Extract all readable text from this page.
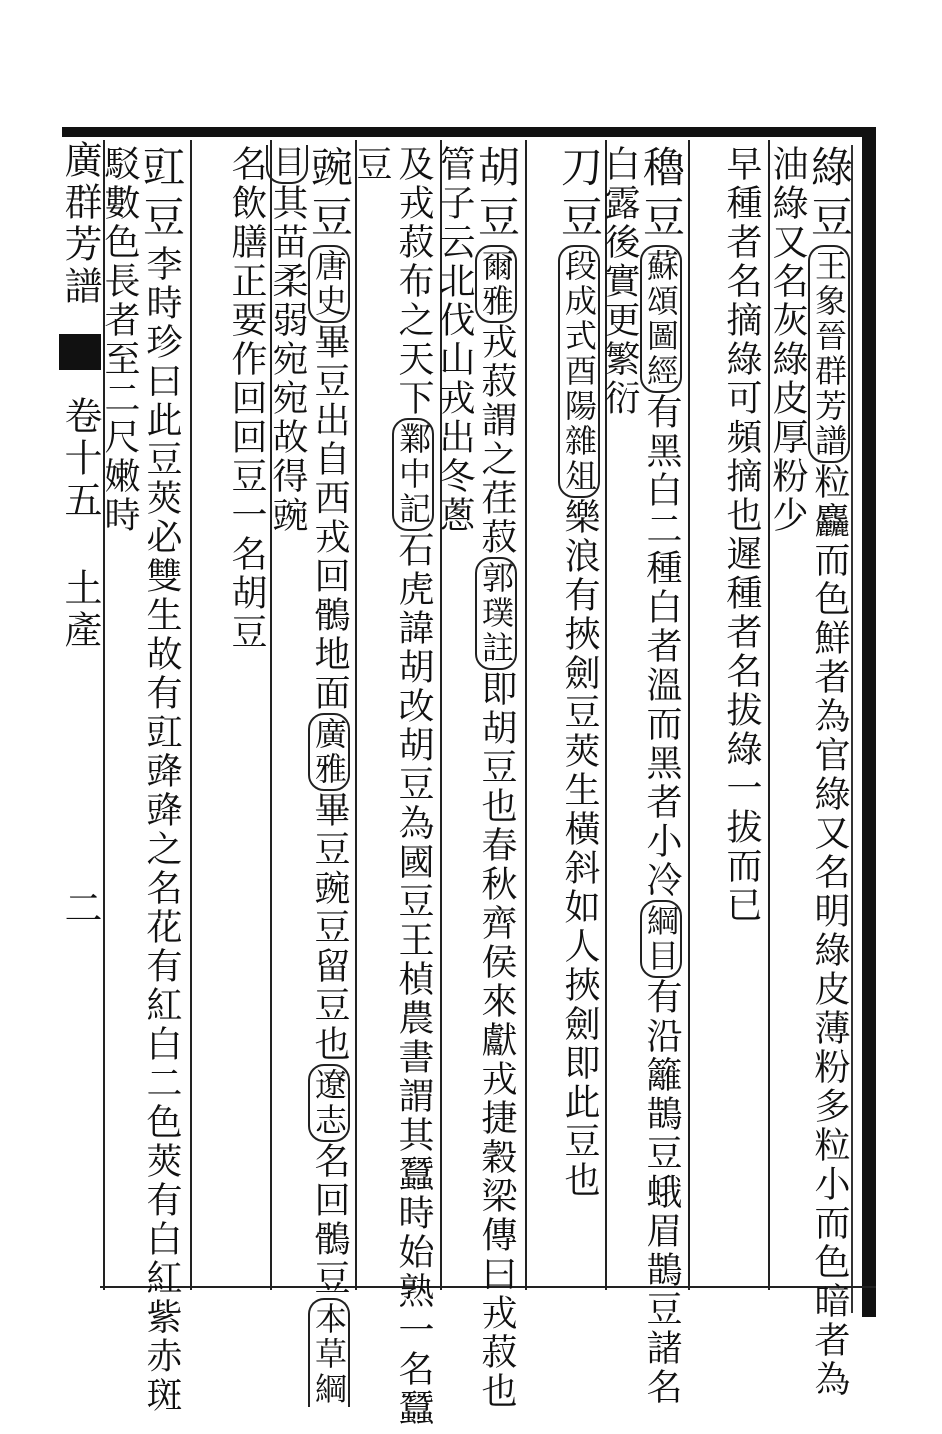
廣群芳譜  卷十五 土產 二
綠豆王象晉群芳譜粒麤而色鮮者為官綠又名明綠皮薄粉多粒小而色暗者為油綠又名灰綠皮厚粉少
早種者名摘綠可頻摘也遲種者名拔綠一拔而已
穭豆蘇頌圖經有黑白二種白者溫而黑者小冷綱目有沿籬鵲豆蛾眉鵲豆諸名白露後實更繁衍
刀豆段成式酉陽雜俎樂浪有挾劍豆莢生橫斜如人挾劍即此豆也
胡豆爾雅戎菽謂之荏菽郭璞註即胡豆也春秋齊侯來獻戎捷穀梁傳曰戎菽也管子云北伐山戎出冬蔥
及戎菽布之天下鄴中記石虎諱胡改胡豆為國豆王楨農書謂其蠶時始熟一名蠶豆
豌豆唐史畢豆出自西戎回鶻地面廣雅畢豆豌豆留豆也遼志名回鶻豆本草綱目其苗柔弱宛宛故得豌
名飲膳正要作回回豆一名胡豆
豇豆李時珍曰此豆莢必雙生故有豇䜶䜶之名花有紅白二色莢有白紅紫赤斑駁數色長者至二尺嫩時
